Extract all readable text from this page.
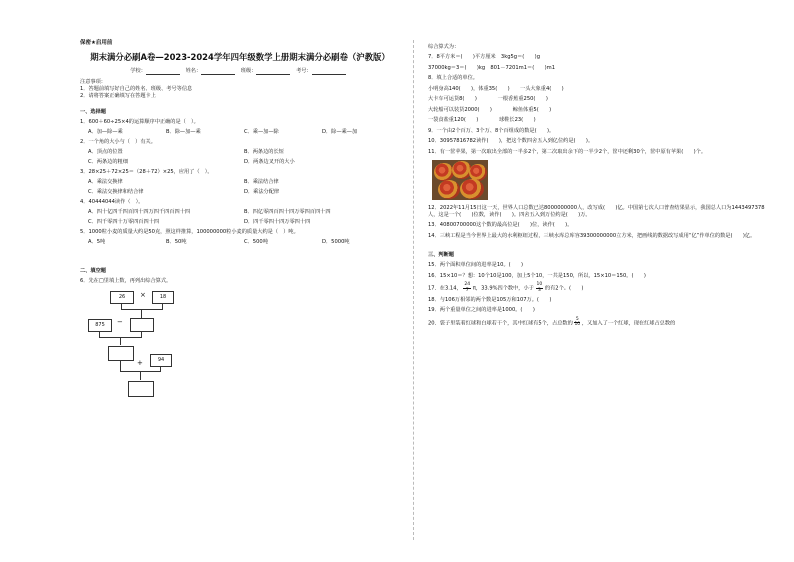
保密★启用前
期末满分必刷A卷—2023-2024学年四年级数学上册期末满分必刷卷（沪教版）
学校：	姓名：	班级：	考号：
注意事项：
1．答题前填写好自己的姓名、班级、考号等信息
2．请将答案正确填写在答题卡上
一、选择题
1．600＋60÷25×4的运算顺序中正确的是（　）。
A．加—除—乘	B．除—加—乘	C．乘—加—除	D．除—乘—加
2．一个角的大小与（　）有关。
A．顶点的位置	B．两条边的长短
C．两条边的粗细	D．两条边叉开的大小
3．28×25＋72×25＝（28＋72）×25，应用了（　）。
A．乘法交换律	B．乘法结合律
C．乘法交换律和结合律	D．乘法分配律
4．40444044读作（　）。
A．四十亿四千四百四十四万四千四百四十四	B．四亿零四百四十四万零四百四十四
C．四千零四十万零四百四十四	D．四千零四十四万零四十四
5．1000粒小麦的质量大约是50克，照这样推算，100000000粒小麦的质量大约是（　）吨。
A．5吨	B．50吨	C．500吨	D．5000吨
二、填空题
6．先在□里填上数，再列出综合算式。
26	×	18
875	−
+	94
综合算式为：
7．8平方米＝(　　)平方厘米　3kg5g＝(　　)g
37000kg＝3＝(　　)kg　801－7201m1＝(　　)m1
8．填上合适的单位。
小明身高140(　　)，体重35(　　)　　一头大象重4(　　)
大卡车可运货8(　　)　　　　一根香蕉重250(　　)
大轮船可以装货2000(　　)　　　　鲸鱼体重5(　　)
一袋食盐重120(　　)　　　　球鞋长23(　　)
9．一个由2个百万、3个万、8个百组成的数是(　　)。
10．30957816782读作(　　)，把这个数四舍五入到亿位约是(　　)。
11．有一筐苹果，第一次取出全部的一半多2个，第二次取出余下的一半少2个，筐中还剩30个，筐中原有苹果(　　)个。
12．2022年11月15日这一天，世界人口总数已达8000000000人，改写成(　　)亿。中国第七次人口普查结果显示，我国总人口为1443497378人，这是一个(　　)位数，读作(　　)。四舍五入到万位约是(　　)万。
13．40800700000这个数的最高位是(　　)位，读作(　　)。
14．三峡工程是当今世界上最大的水利枢纽过程，三峡水库总库容39300000000立方米，把画线的数据改写成用“亿”作单位的数是(　　)亿。
三、判断题
15．两个面积单位间的进率是10。(　　)
16．15×10＝？想：10个10是100，加上5个10，一共是150，所以，15×10＝150。(　　)
17．在3.14， $\frac{24}{7}$ π，33.9%四个数中，小于 $\frac{10}{3}$ 的有2个。(　　)
18．与106万相邻的两个数是105万和107万。(　　)
19．两个重量单位之间的进率是1000。(　　)
20．袋子里装着红球和白球若干个，其中红球有5个，占总数的 $\frac{5}{10}$ ，又加入了一个红球，现在红球占总数的
